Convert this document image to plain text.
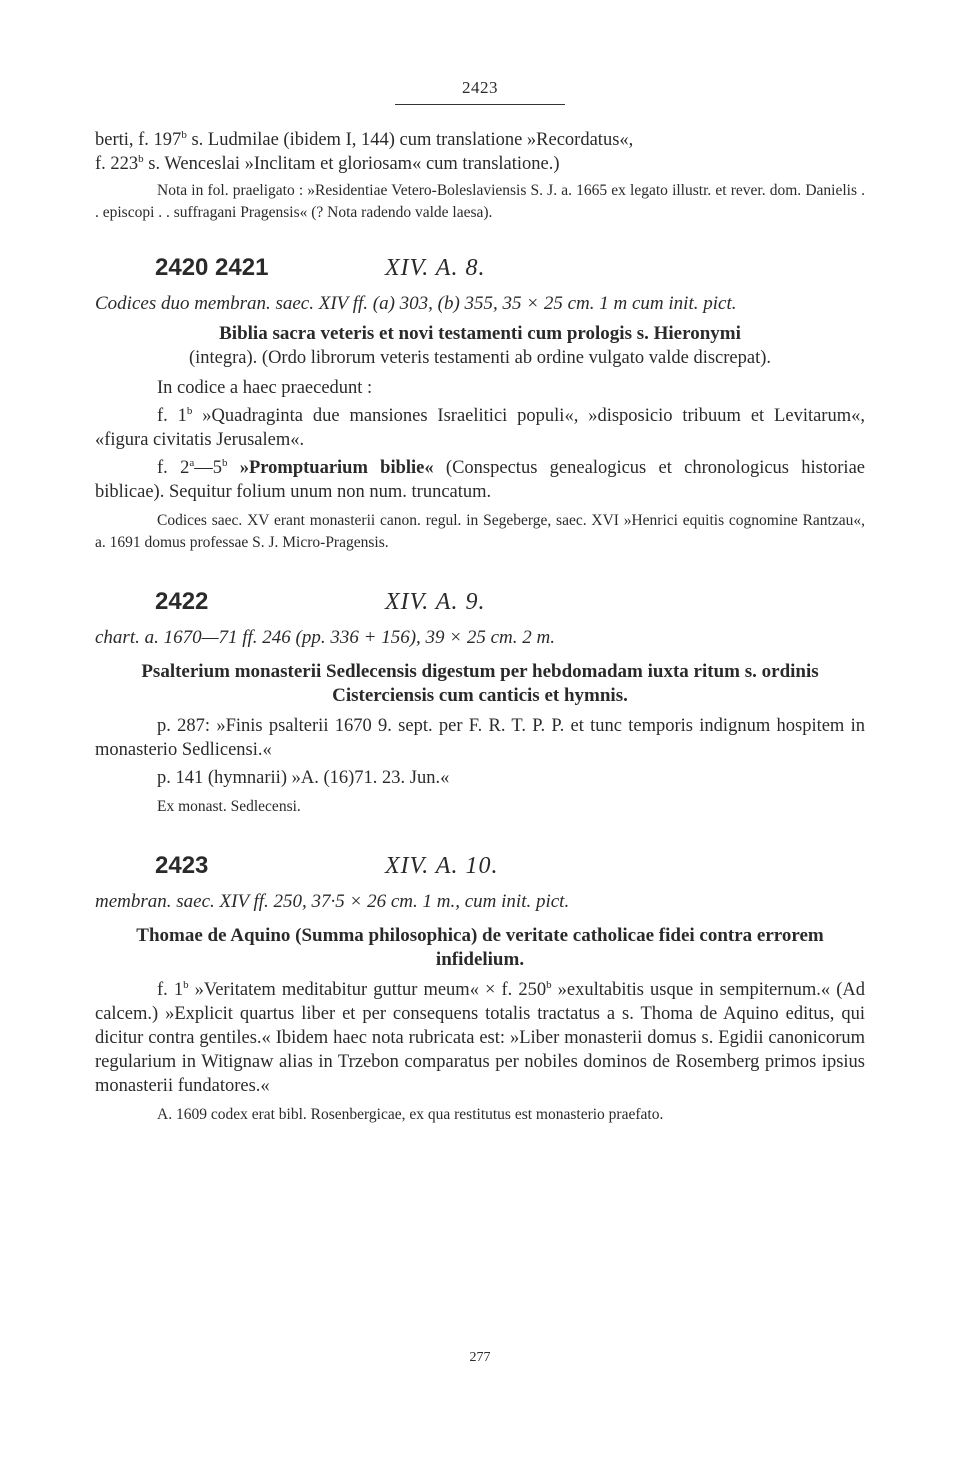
2423

berti, f. 197$^b$ s. Ludmilae (ibidem I, 144) cum translatione »Recordatus«,

f. 223$^b$ s. Wenceslai »Inclitam et gloriosam« cum translatione.)

Nota in fol. praeligato : »Residentiae Vetero-Boleslaviensis S. J. a. 1665 ex legato illustr. et rever. dom. Danielis . . episcopi . . suffragani Pragensis« (? Nota radendo valde laesa).

2420 2421	XIV. A. 8.

Codices duo membran. saec. XIV ff. (a) 303, (b) 355, 35 × 25 cm. 1 m cum init. pict.

Biblia sacra veteris et novi testamenti cum prologis s. Hieronymi

(integra). (Ordo librorum veteris testamenti ab ordine vulgato valde discrepat).

In codice a haec praecedunt :

f. 1$^b$ »Quadraginta due mansiones Israelitici populi«, »disposicio tribuum et Levitarum«, «figura civitatis Jerusalem«.

f. 2$^a$—5$^b$ »Promptuarium biblie« (Conspectus genealogicus et chronologicus historiae biblicae). Sequitur folium unum non num. truncatum.

Codices saec. XV erant monasterii canon. regul. in Segeberge, saec. XVI »Henrici equitis cognomine Rantzau«, a. 1691 domus professae S. J. Micro-Pragensis.

2422	XIV. A. 9.

chart. a. 1670—71 ff. 246 (pp. 336 + 156), 39 × 25 cm. 2 m.

Psalterium monasterii Sedlecensis digestum per hebdomadam iuxta ritum s. ordinis Cisterciensis cum canticis et hymnis.

p. 287: »Finis psalterii 1670 9. sept. per F. R. T. P. P. et tunc temporis indignum hospitem in monasterio Sedlicensi.«

p. 141 (hymnarii) »A. (16)71. 23. Jun.«

Ex monast. Sedlecensi.

2423	XIV. A. 10.

membran. saec. XIV ff. 250, 37·5 × 26 cm. 1 m., cum init. pict.

Thomae de Aquino (Summa philosophica) de veritate catholicae fidei contra errorem infidelium.

f. 1$^b$ »Veritatem meditabitur guttur meum« × f. 250$^b$ »exultabitis usque in sempiternum.« (Ad calcem.) »Explicit quartus liber et per consequens totalis tractatus a s. Thoma de Aquino editus, qui dicitur contra gentiles.« Ibidem haec nota rubricata est: »Liber monasterii domus s. Egidii canonicorum regularium in Witignaw alias in Trzebon comparatus per nobiles dominos de Rosemberg primos ipsius monasterii fundatores.«

A. 1609 codex erat bibl. Rosenbergicae, ex qua restitutus est monasterio praefato.

277
